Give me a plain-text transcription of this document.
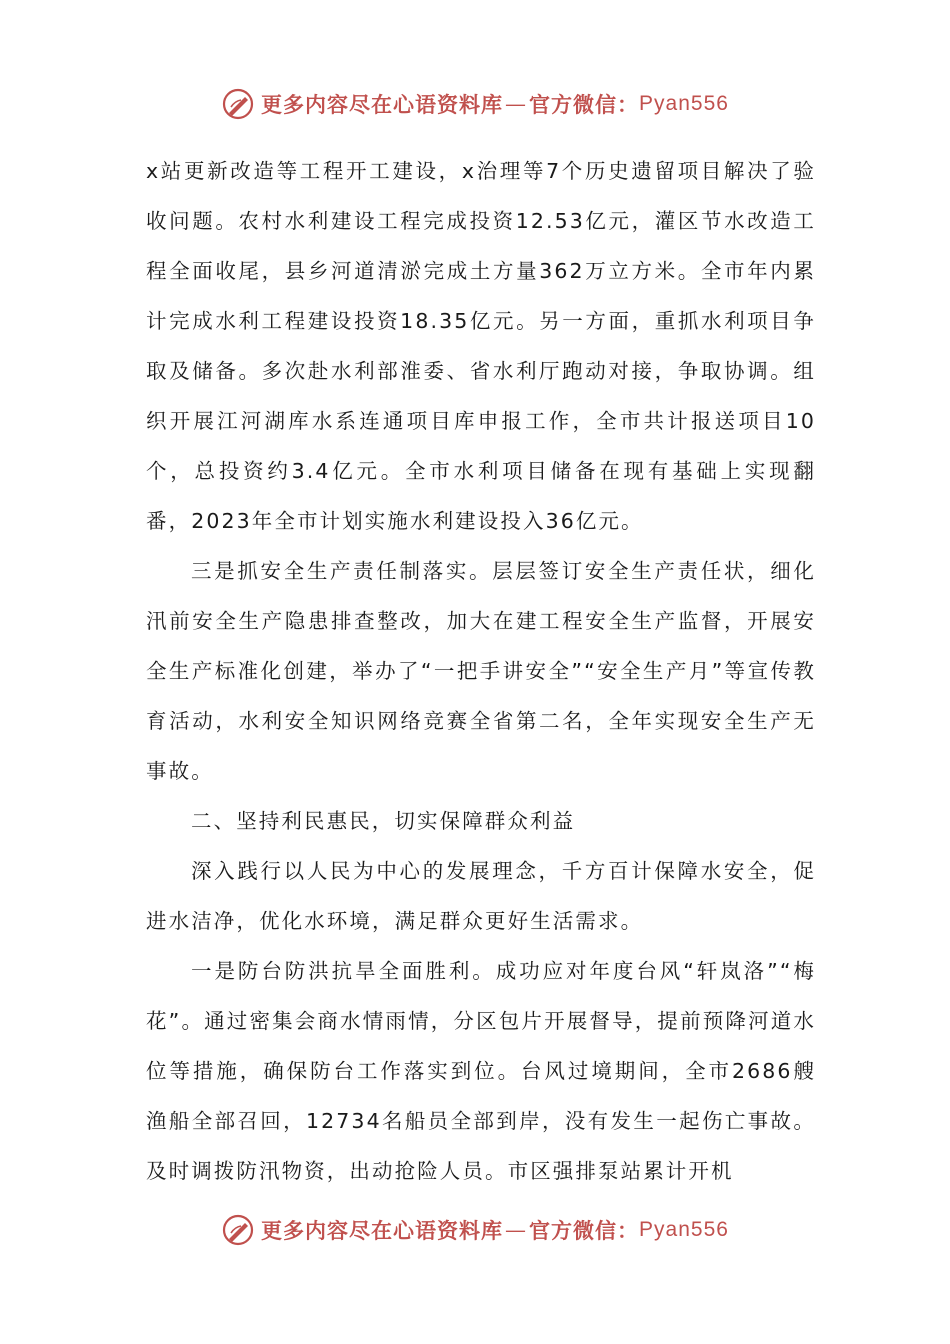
更多内容尽在心语资料库 — 官方微信： Pyan556

x站更新改造等工程开工建设，x治理等7个历史遗留项目解决了验收问题。农村水利建设工程完成投资12.53亿元，灌区节水改造工程全面收尾，县乡河道清淤完成土方量362万立方米。全市年内累计完成水利工程建设投资18.35亿元。另一方面，重抓水利项目争取及储备。多次赴水利部淮委、省水利厅跑动对接，争取协调。组织开展江河湖库水系连通项目库申报工作，全市共计报送项目10个，总投资约3.4亿元。全市水利项目储备在现有基础上实现翻番，2023年全市计划实施水利建设投入36亿元。

三是抓安全生产责任制落实。层层签订安全生产责任状，细化汛前安全生产隐患排查整改，加大在建工程安全生产监督，开展安全生产标准化创建，举办了“一把手讲安全”“安全生产月”等宣传教育活动，水利安全知识网络竞赛全省第二名，全年实现安全生产无事故。

二、坚持利民惠民，切实保障群众利益

深入践行以人民为中心的发展理念，千方百计保障水安全，促进水洁净，优化水环境，满足群众更好生活需求。

一是防台防洪抗旱全面胜利。成功应对年度台风“轩岚洛”“梅花”。通过密集会商水情雨情，分区包片开展督导，提前预降河道水位等措施，确保防台工作落实到位。台风过境期间，全市2686艘渔船全部召回，12734名船员全部到岸，没有发生一起伤亡事故。及时调拨防汛物资，出动抢险人员。市区强排泵站累计开机

更多内容尽在心语资料库 — 官方微信： Pyan556
